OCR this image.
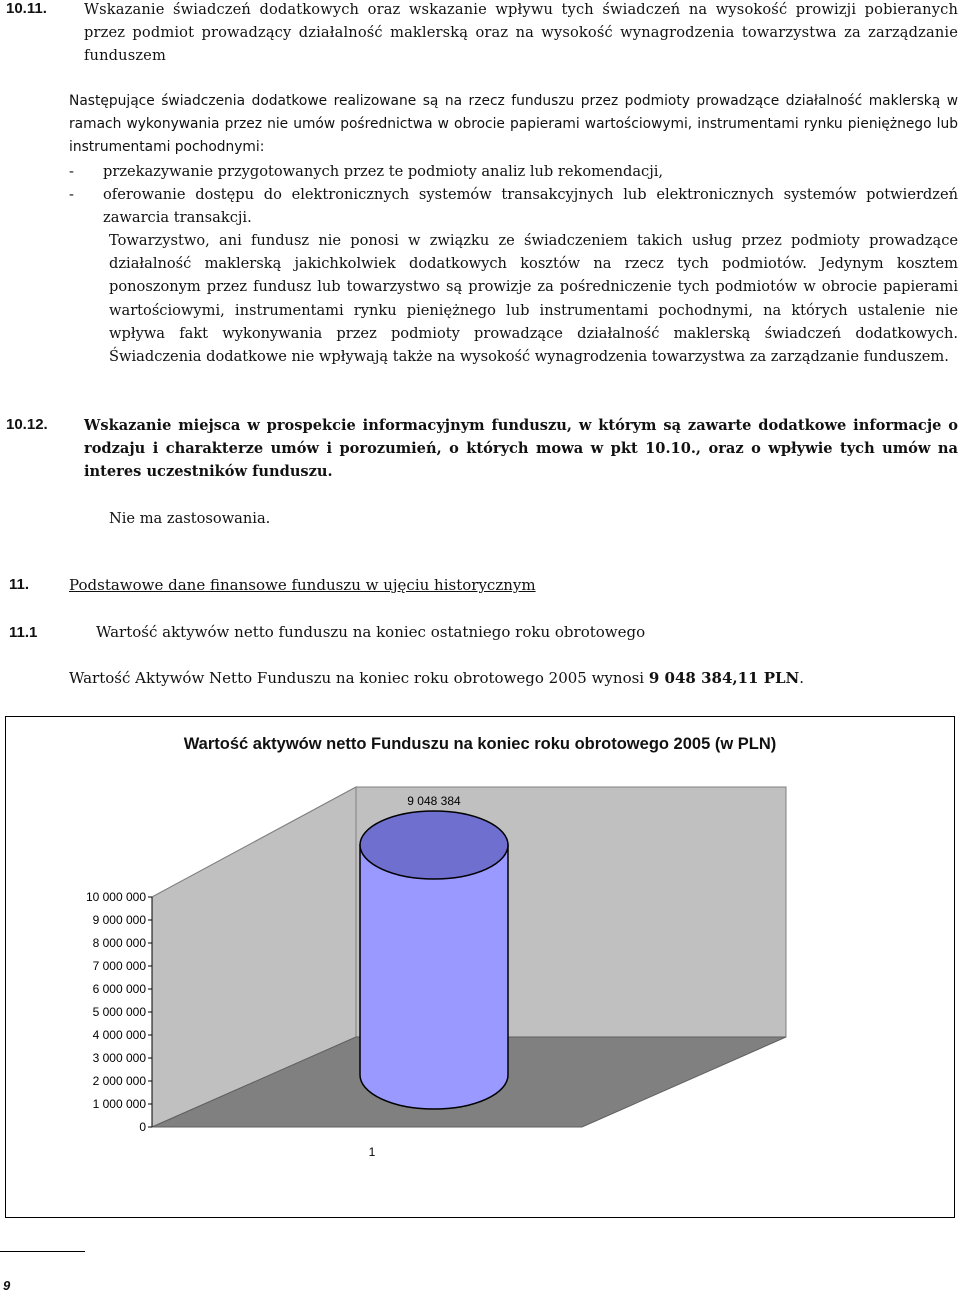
10.11.	Wskazanie świadczeń dodatkowych oraz wskazanie wpływu tych świadczeń na wysokość prowizji pobieranych przez podmiot prowadzący działalność maklerską oraz na wysokość wynagrodzenia towarzystwa za zarządzanie funduszem
Następujące świadczenia dodatkowe realizowane są na rzecz funduszu przez podmioty prowadzące działalność maklerską w ramach wykonywania przez nie umów pośrednictwa w obrocie papierami wartościowymi, instrumentami rynku pieniężnego lub instrumentami pochodnymi:
- przekazywanie przygotowanych przez te podmioty analiz lub rekomendacji,
- oferowanie dostępu do elektronicznych systemów transakcyjnych lub elektronicznych systemów potwierdzeń zawarcia transakcji.
Towarzystwo, ani fundusz nie ponosi w związku ze świadczeniem takich usług przez podmioty prowadzące działalność maklerską jakichkolwiek dodatkowych kosztów na rzecz tych podmiotów. Jedynym kosztem ponoszonym przez fundusz lub towarzystwo są prowizje za pośredniczenie tych podmiotów w obrocie papierami wartościowymi, instrumentami rynku pieniężnego lub instrumentami pochodnymi, na których ustalenie nie wpływa fakt wykonywania przez podmioty prowadzące działalność maklerską świadczeń dodatkowych. Świadczenia dodatkowe nie wpływają także na wysokość wynagrodzenia towarzystwa za zarządzanie funduszem.
10.12. Wskazanie miejsca w prospekcie informacyjnym funduszu, w którym są zawarte dodatkowe informacje o rodzaju i charakterze umów i porozumień, o których mowa w pkt 10.10., oraz o wpływie tych umów na interes uczestników funduszu.
Nie ma zastosowania.
11.	Podstawowe dane finansowe funduszu w ujęciu historycznym
11.1	Wartość aktywów netto funduszu na koniec ostatniego roku obrotowego
Wartość Aktywów Netto Funduszu na koniec roku obrotowego 2005 wynosi 9 048 384,11 PLN.
Wartość aktywów netto Funduszu na koniec roku obrotowego 2005 (w PLN)
0
1 000 000
2 000 000
3 000 000
4 000 000
5 000 000
6 000 000
7 000 000
8 000 000
9 000 000
10 000 000
9 048 384
1
9
